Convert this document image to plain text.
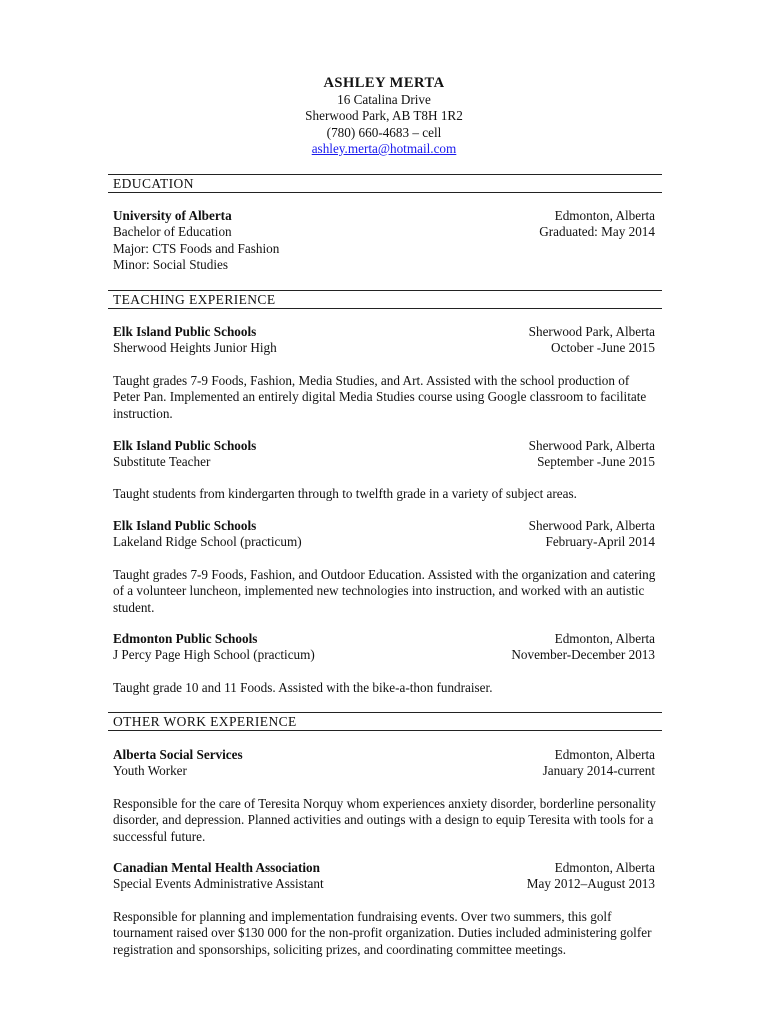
ASHLEY MERTA
16 Catalina Drive
Sherwood Park, AB T8H 1R2
(780) 660-4683 – cell
ashley.merta@hotmail.com
EDUCATION
University of Alberta	Edmonton, Alberta
Bachelor of Education	Graduated: May 2014
Major: CTS Foods and Fashion
Minor: Social Studies
TEACHING EXPERIENCE
Elk Island Public Schools	Sherwood Park, Alberta
Sherwood Heights Junior High	October -June 2015
Taught grades 7-9 Foods, Fashion, Media Studies, and Art. Assisted with the school production of Peter Pan. Implemented an entirely digital Media Studies course using Google classroom to facilitate instruction.
Elk Island Public Schools	Sherwood Park, Alberta
Substitute Teacher	September -June 2015
Taught students from kindergarten through to twelfth grade in a variety of subject areas.
Elk Island Public Schools	Sherwood Park, Alberta
Lakeland Ridge School (practicum)	February-April 2014
Taught grades 7-9 Foods, Fashion, and Outdoor Education. Assisted with the organization and catering of a volunteer luncheon, implemented new technologies into instruction, and worked with an autistic student.
Edmonton Public Schools	Edmonton, Alberta
J Percy Page High School (practicum)	November-December 2013
Taught grade 10 and 11 Foods. Assisted with the bike-a-thon fundraiser.
OTHER WORK EXPERIENCE
Alberta Social Services	Edmonton, Alberta
Youth Worker	January 2014-current
Responsible for the care of Teresita Norquy whom experiences anxiety disorder, borderline personality disorder, and depression. Planned activities and outings with a design to equip Teresita with tools for a successful future.
Canadian Mental Health Association	Edmonton, Alberta
Special Events Administrative Assistant	May 2012–August 2013
Responsible for planning and implementation fundraising events. Over two summers, this golf tournament raised over $130 000 for the non-profit organization. Duties included administering golfer registration and sponsorships, soliciting prizes, and coordinating committee meetings.
